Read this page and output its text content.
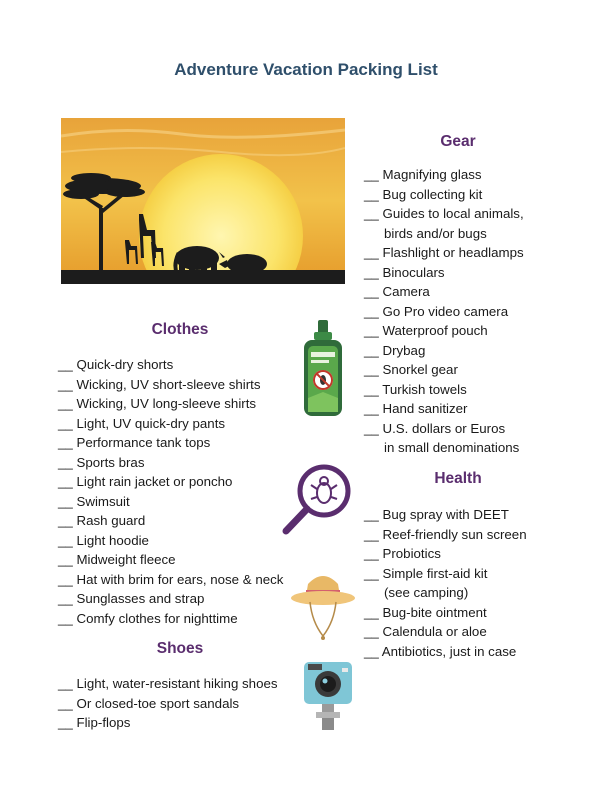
Adventure Vacation Packing List
Clothes
__ Quick-dry shorts
__ Wicking, UV short-sleeve shirts
__ Wicking, UV long-sleeve shirts
__ Light, UV quick-dry pants
__ Performance tank tops
__ Sports bras
__ Light rain jacket or poncho
__ Swimsuit
__ Rash guard
__ Light hoodie
__ Midweight fleece
__ Hat with brim for ears, nose & neck
__ Sunglasses and strap
__ Comfy clothes for nighttime
Shoes
__ Light, water-resistant hiking shoes
__ Or closed-toe sport sandals
__ Flip-flops
Gear
__ Magnifying glass
__ Bug collecting kit
__ Guides to local animals,
birds and/or bugs
__ Flashlight or headlamps
__ Binoculars
__ Camera
__ Go Pro video camera
__ Waterproof pouch
__ Drybag
__ Snorkel gear
__ Turkish towels
__ Hand sanitizer
__ U.S. dollars or Euros
in small denominations
Health
__ Bug spray with DEET
__ Reef-friendly sun screen
__ Probiotics
__ Simple first-aid kit
(see camping)
__ Bug-bite ointment
__ Calendula or aloe
__ Antibiotics, just in case
